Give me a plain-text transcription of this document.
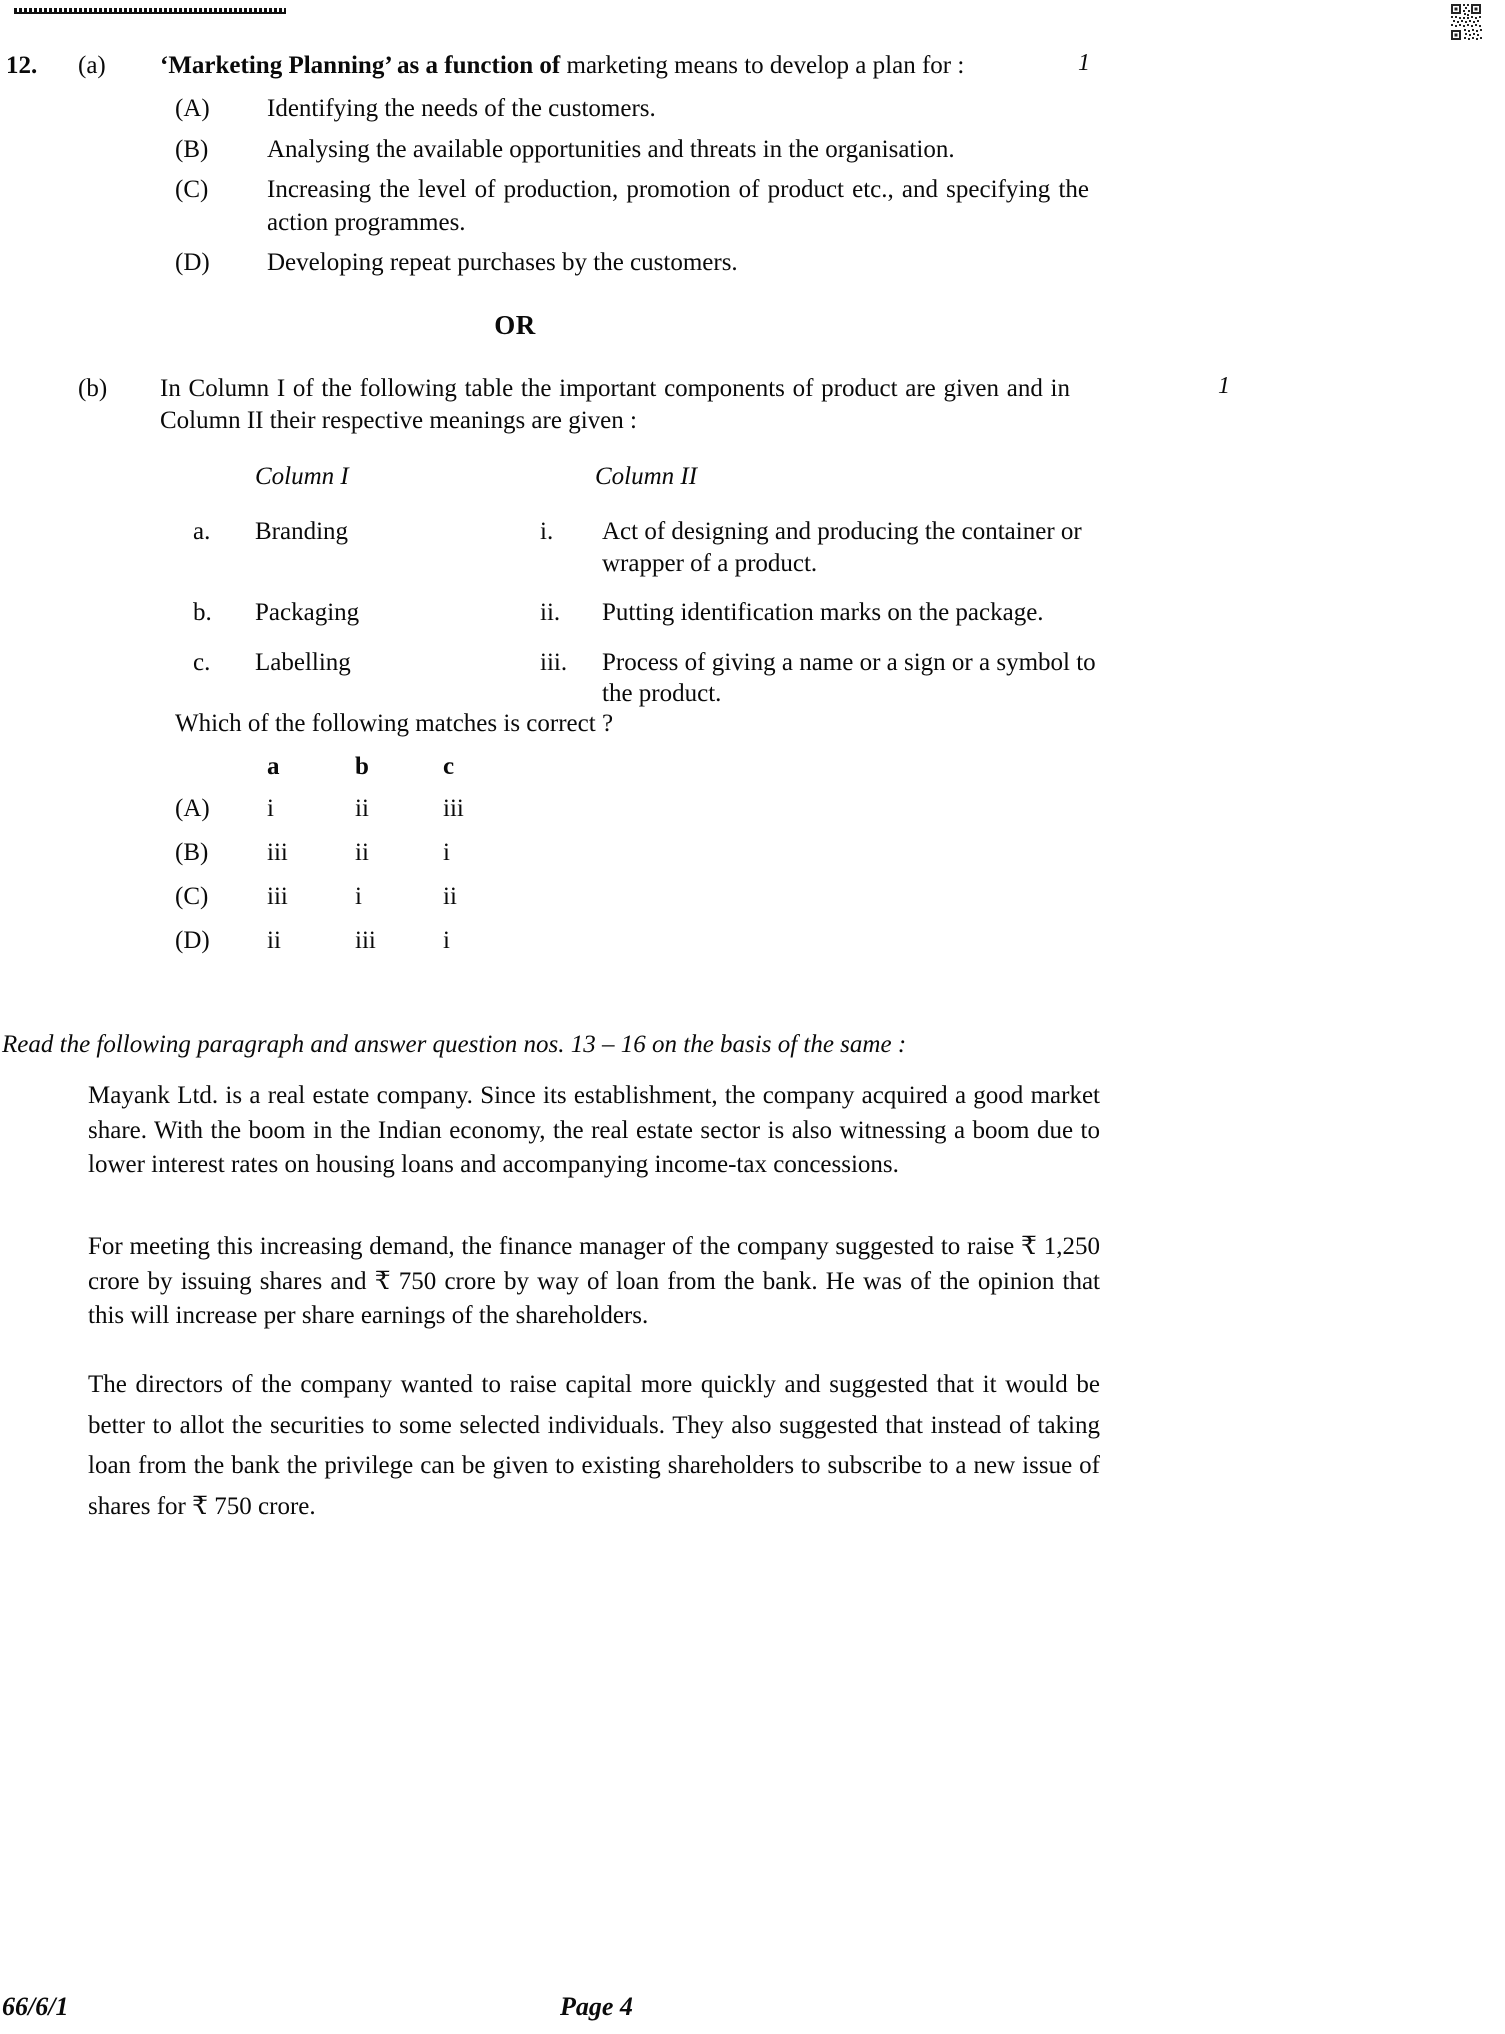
12.	(a)	‘Marketing Planning’ as a function of marketing means to develop a plan for :	1
(A)	Identifying the needs of the customers.
(B)	Analysing the available opportunities and threats in the organisation.
(C)	Increasing the level of production, promotion of product etc., and specifying the action programmes.
(D)	Developing repeat purchases by the customers.
OR
(b)	In Column I of the following table the important components of product are given and in Column II their respective meanings are given :
1
Column I	Column II
a.	Branding	i.	Act of designing and producing the container or wrapper of a product.
b.	Packaging	ii.	Putting identification marks on the package.
c.	Labelling	iii.	Process of giving a name or a sign or a symbol to the product.
Which of the following matches is correct ?
a	b	c
(A)	i	ii	iii
(B)	iii	ii	i
(C)	iii	i	ii
(D)	ii	iii	i
Read the following paragraph and answer question nos. 13 – 16 on the basis of the same :
Mayank Ltd. is a real estate company. Since its establishment, the company acquired a good market share. With the boom in the Indian economy, the real estate sector is also witnessing a boom due to lower interest rates on housing loans and accompanying income-tax concessions.
For meeting this increasing demand, the finance manager of the company suggested to raise ₹ 1,250 crore by issuing shares and ₹ 750 crore by way of loan from the bank. He was of the opinion that this will increase per share earnings of the shareholders.
The directors of the company wanted to raise capital more quickly and suggested that it would be better to allot the securities to some selected individuals. They also suggested that instead of taking loan from the bank the privilege can be given to existing shareholders to subscribe to a new issue of shares for ₹ 750 crore.
66/6/1	Page 4
